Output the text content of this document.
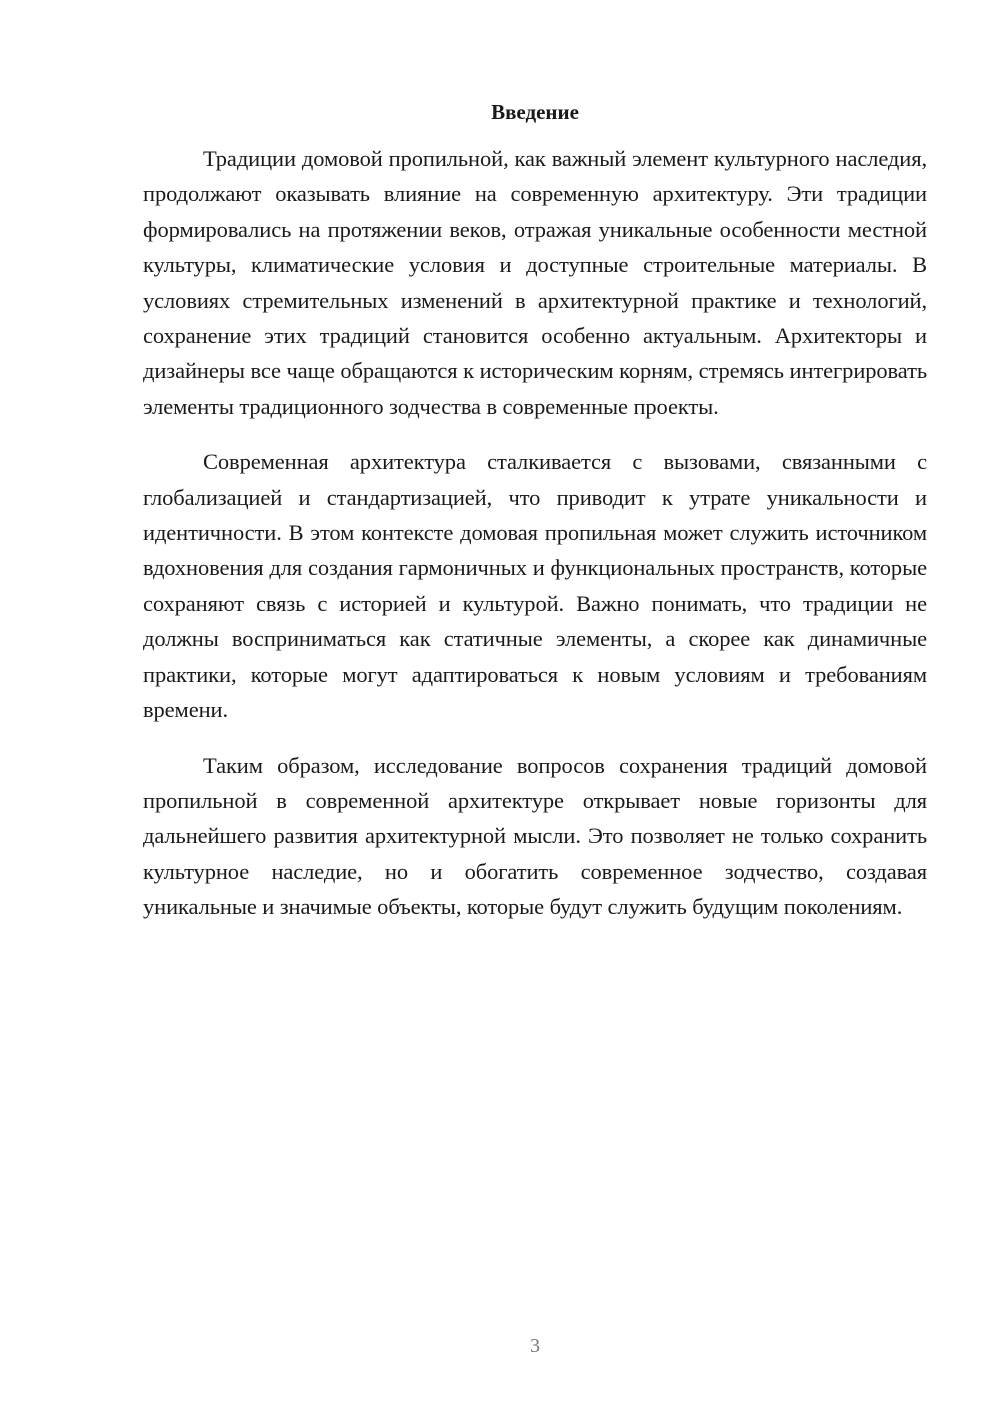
Введение

Традиции домовой пропильной, как важный элемент культурного наследия, продолжают оказывать влияние на современную архитектуру. Эти традиции формировались на протяжении веков, отражая уникальные особенности местной культуры, климатические условия и доступные строительные материалы. В условиях стремительных изменений в архитектурной практике и технологий, сохранение этих традиций становится особенно актуальным. Архитекторы и дизайнеры все чаще обращаются к историческим корням, стремясь интегрировать элементы традиционного зодчества в современные проекты.

Современная архитектура сталкивается с вызовами, связанными с глобализацией и стандартизацией, что приводит к утрате уникальности и идентичности. В этом контексте домовая пропильная может служить источником вдохновения для создания гармоничных и функциональных пространств, которые сохраняют связь с историей и культурой. Важно понимать, что традиции не должны восприниматься как статичные элементы, а скорее как динамичные практики, которые могут адаптироваться к новым условиям и требованиям времени.

Таким образом, исследование вопросов сохранения традиций домовой пропильной в современной архитектуре открывает новые горизонты для дальнейшего развития архитектурной мысли. Это позволяет не только сохранить культурное наследие, но и обогатить современное зодчество, создавая уникальные и значимые объекты, которые будут служить будущим поколениям.

3
